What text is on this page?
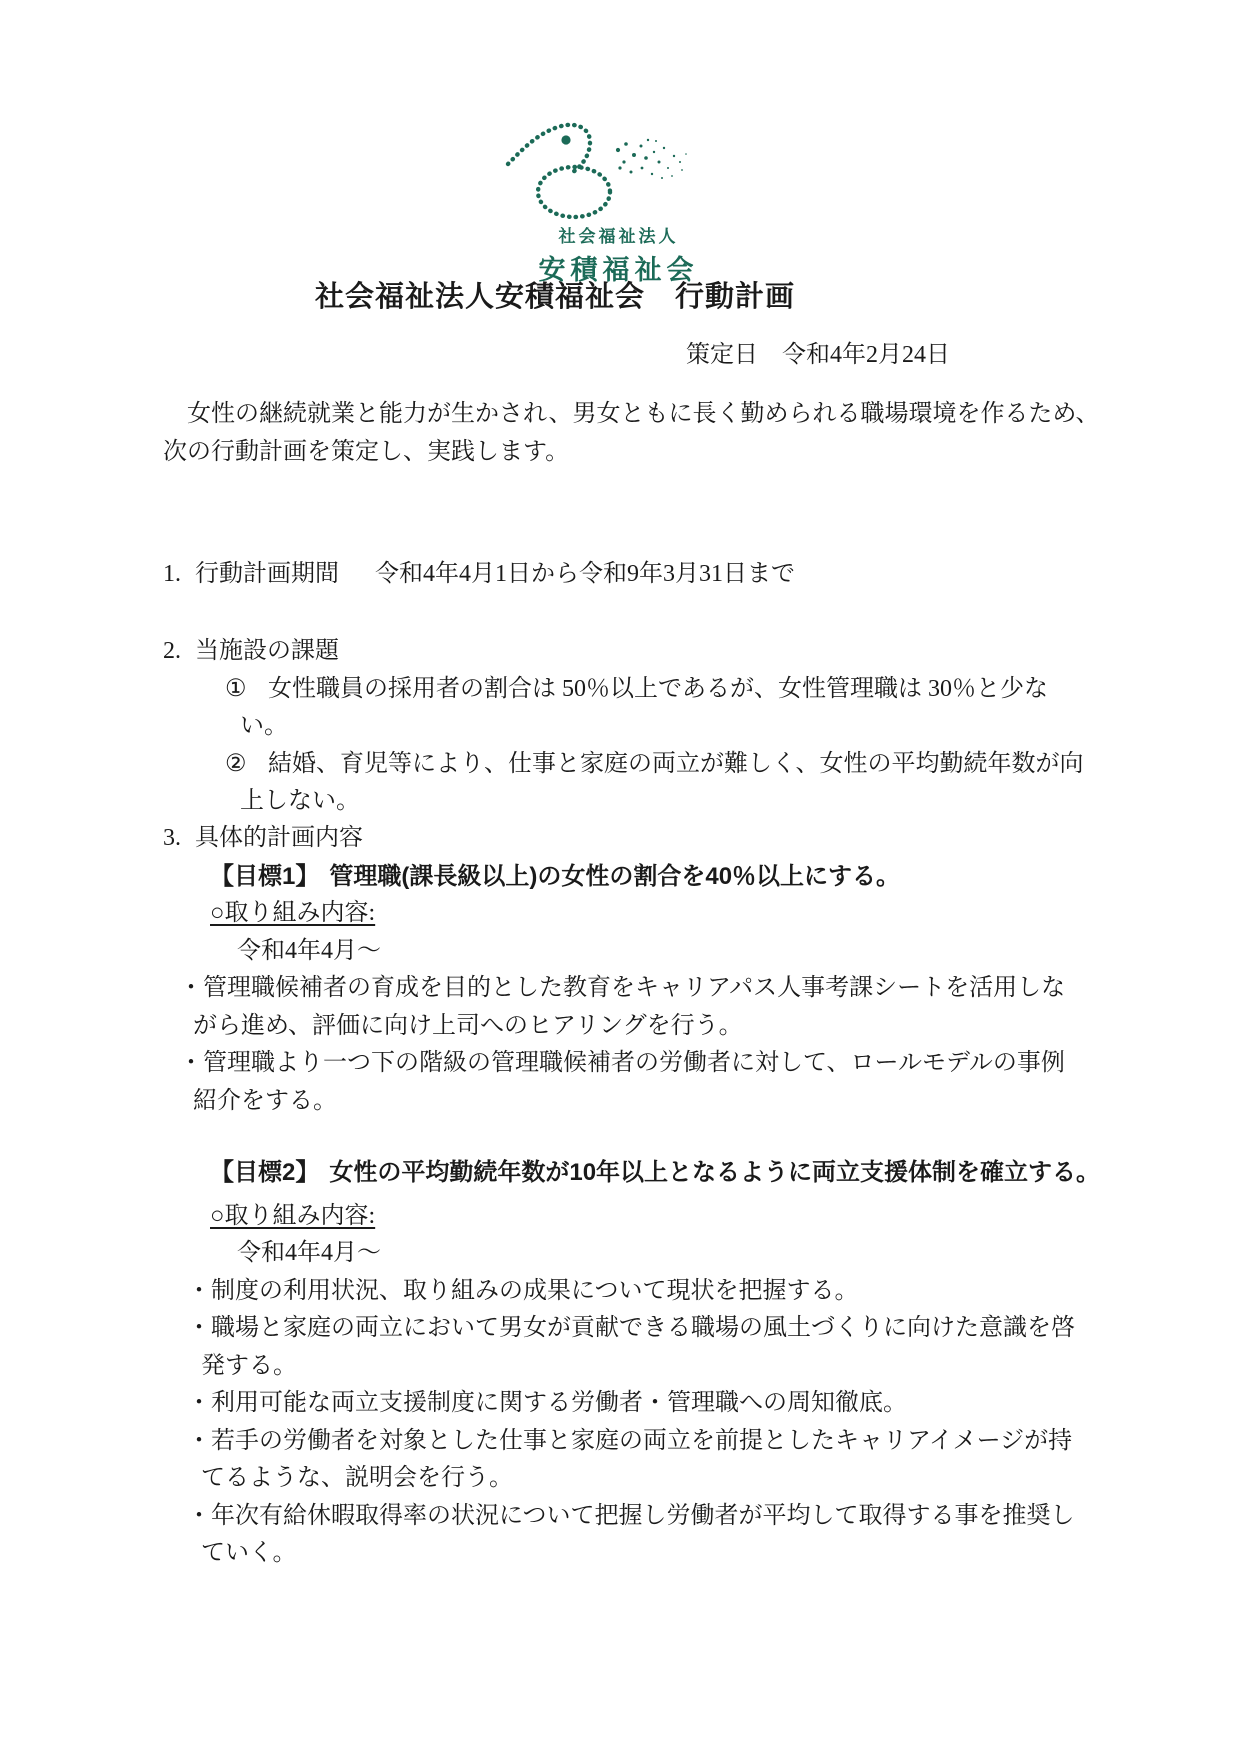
社会福祉法人
安積福祉会
社会福祉法人安積福祉会　行動計画
策定日　令和4年2月24日
　女性の継続就業と能力が生かされ、男女ともに長く勤められる職場環境を作るため、次の行動計画を策定し、実践します。
1. 行動計画期間 令和4年4月1日から令和9年3月31日まで
2. 当施設の課題
① 女性職員の採用者の割合は 50％以上であるが、女性管理職は 30％と少ない。
② 結婚、育児等により、仕事と家庭の両立が難しく、女性の平均勤続年数が向上しない。
3. 具体的計画内容
【目標1】 管理職(課長級以上)の女性の割合を40％以上にする。
○取り組み内容:
令和4年4月～
・管理職候補者の育成を目的とした教育をキャリアパス人事考課シートを活用しながら進め、評価に向け上司へのヒアリングを行う。
・管理職より一つ下の階級の管理職候補者の労働者に対して、ロールモデルの事例紹介をする。
【目標2】 女性の平均勤続年数が10年以上となるように両立支援体制を確立する。
○取り組み内容:
令和4年4月～
・制度の利用状況、取り組みの成果について現状を把握する。
・職場と家庭の両立において男女が貢献できる職場の風土づくりに向けた意識を啓発する。
・利用可能な両立支援制度に関する労働者・管理職への周知徹底。
・若手の労働者を対象とした仕事と家庭の両立を前提としたキャリアイメージが持てるような、説明会を行う。
・年次有給休暇取得率の状況について把握し労働者が平均して取得する事を推奨していく。
